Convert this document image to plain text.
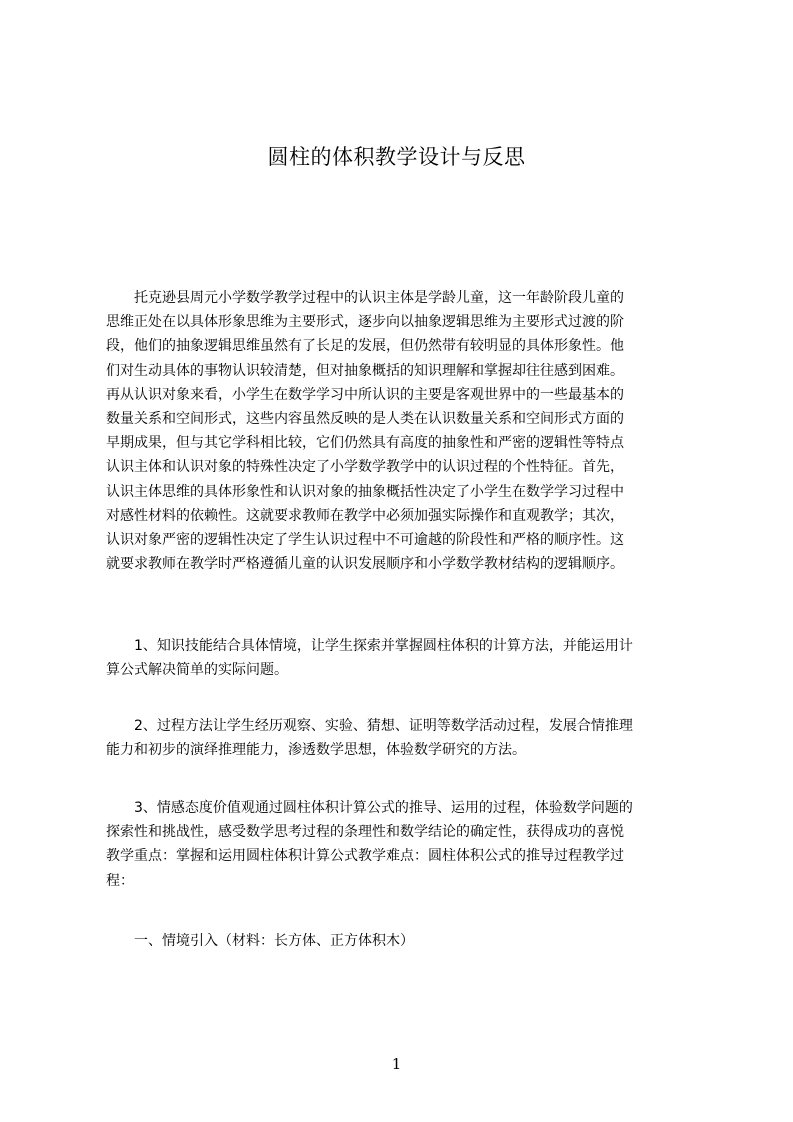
圆柱的体积教学设计与反思

　　托克逊县周元小学数学教学过程中的认识主体是学龄儿童，这一年龄阶段儿童的
思维正处在以具体形象思维为主要形式，逐步向以抽象逻辑思维为主要形式过渡的阶
段，他们的抽象逻辑思维虽然有了长足的发展，但仍然带有较明显的具体形象性。他
们对生动具体的事物认识较清楚，但对抽象概括的知识理解和掌握却往往感到困难。
再从认识对象来看，小学生在数学学习中所认识的主要是客观世界中的一些最基本的
数量关系和空间形式，这些内容虽然反映的是人类在认识数量关系和空间形式方面的
早期成果，但与其它学科相比较，它们仍然具有高度的抽象性和严密的逻辑性等特点
认识主体和认识对象的特殊性决定了小学数学教学中的认识过程的个性特征。首先，
认识主体思维的具体形象性和认识对象的抽象概括性决定了小学生在数学学习过程中
对感性材料的依赖性。这就要求教师在教学中必须加强实际操作和直观教学；其次，
认识对象严密的逻辑性决定了学生认识过程中不可逾越的阶段性和严格的顺序性。这
就要求教师在教学时严格遵循儿童的认识发展顺序和小学数学教材结构的逻辑顺序。

　　1、知识技能结合具体情境，让学生探索并掌握圆柱体积的计算方法，并能运用计
算公式解决简单的实际问题。

　　2、过程方法让学生经历观察、实验、猜想、证明等数学活动过程，发展合情推理
能力和初步的演绎推理能力，渗透数学思想，体验数学研究的方法。

　　3、情感态度价值观通过圆柱体积计算公式的推导、运用的过程，体验数学问题的
探索性和挑战性，感受数学思考过程的条理性和数学结论的确定性，获得成功的喜悦
教学重点：掌握和运用圆柱体积计算公式教学难点：圆柱体积公式的推导过程教学过
程：

一、情境引入（材料：长方体、正方体积木）
1
